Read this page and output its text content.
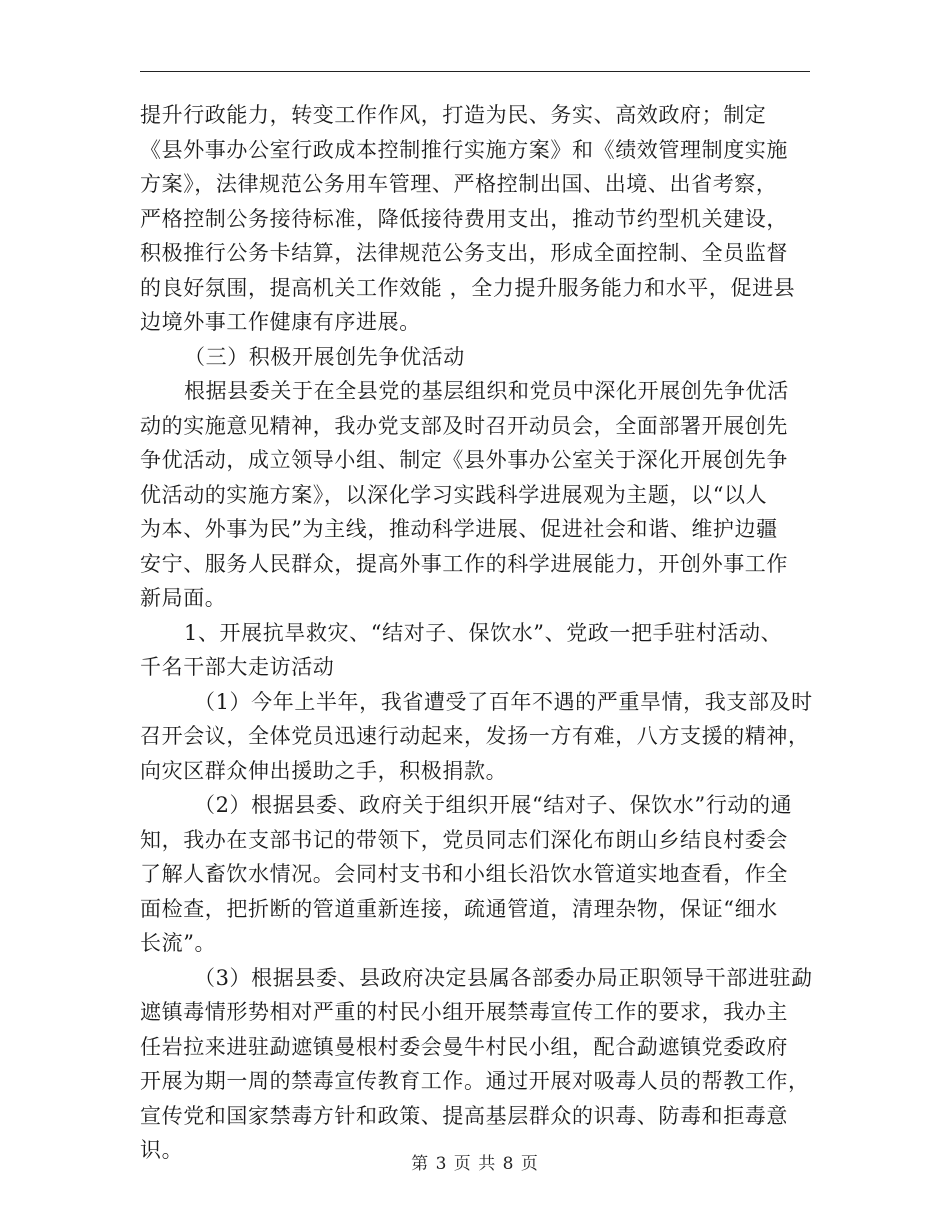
提升行政能力，转变工作作风，打造为民、务实、高效政府；制定
《县外事办公室行政成本控制推行实施方案》和《绩效管理制度实施
方案》，法律规范公务用车管理、严格控制出国、出境、出省考察，
严格控制公务接待标准，降低接待费用支出，推动节约型机关建设，
积极推行公务卡结算，法律规范公务支出，形成全面控制、全员监督
的良好氛围，提高机关工作效能 ，全力提升服务能力和水平，促进县
边境外事工作健康有序进展。
（三）积极开展创先争优活动
根据县委关于在全县党的基层组织和党员中深化开展创先争优活
动的实施意见精神，我办党支部及时召开动员会，全面部署开展创先
争优活动，成立领导小组、制定《县外事办公室关于深化开展创先争
优活动的实施方案》，以深化学习实践科学进展观为主题，以“以人
为本、外事为民”为主线，推动科学进展、促进社会和谐、维护边疆
安宁、服务人民群众，提高外事工作的科学进展能力，开创外事工作
新局面。
1、开展抗旱救灾、“结对子、保饮水”、党政一把手驻村活动、
千名干部大走访活动
（1）今年上半年，我省遭受了百年不遇的严重旱情，我支部及时
召开会议，全体党员迅速行动起来，发扬一方有难，八方支援的精神，
向灾区群众伸出援助之手，积极捐款。
（2）根据县委、政府关于组织开展“结对子、保饮水”行动的通
知，我办在支部书记的带领下，党员同志们深化布朗山乡结良村委会
了解人畜饮水情况。会同村支书和小组长沿饮水管道实地查看，作全
面检查，把折断的管道重新连接，疏通管道，清理杂物，保证“细水
长流”。
（3）根据县委、县政府决定县属各部委办局正职领导干部进驻勐
遮镇毒情形势相对严重的村民小组开展禁毒宣传工作的要求，我办主
任岩拉来进驻勐遮镇曼根村委会曼牛村民小组，配合勐遮镇党委政府
开展为期一周的禁毒宣传教育工作。通过开展对吸毒人员的帮教工作，
宣传党和国家禁毒方针和政策、提高基层群众的识毒、防毒和拒毒意
识。
第 3 页 共 8 页
